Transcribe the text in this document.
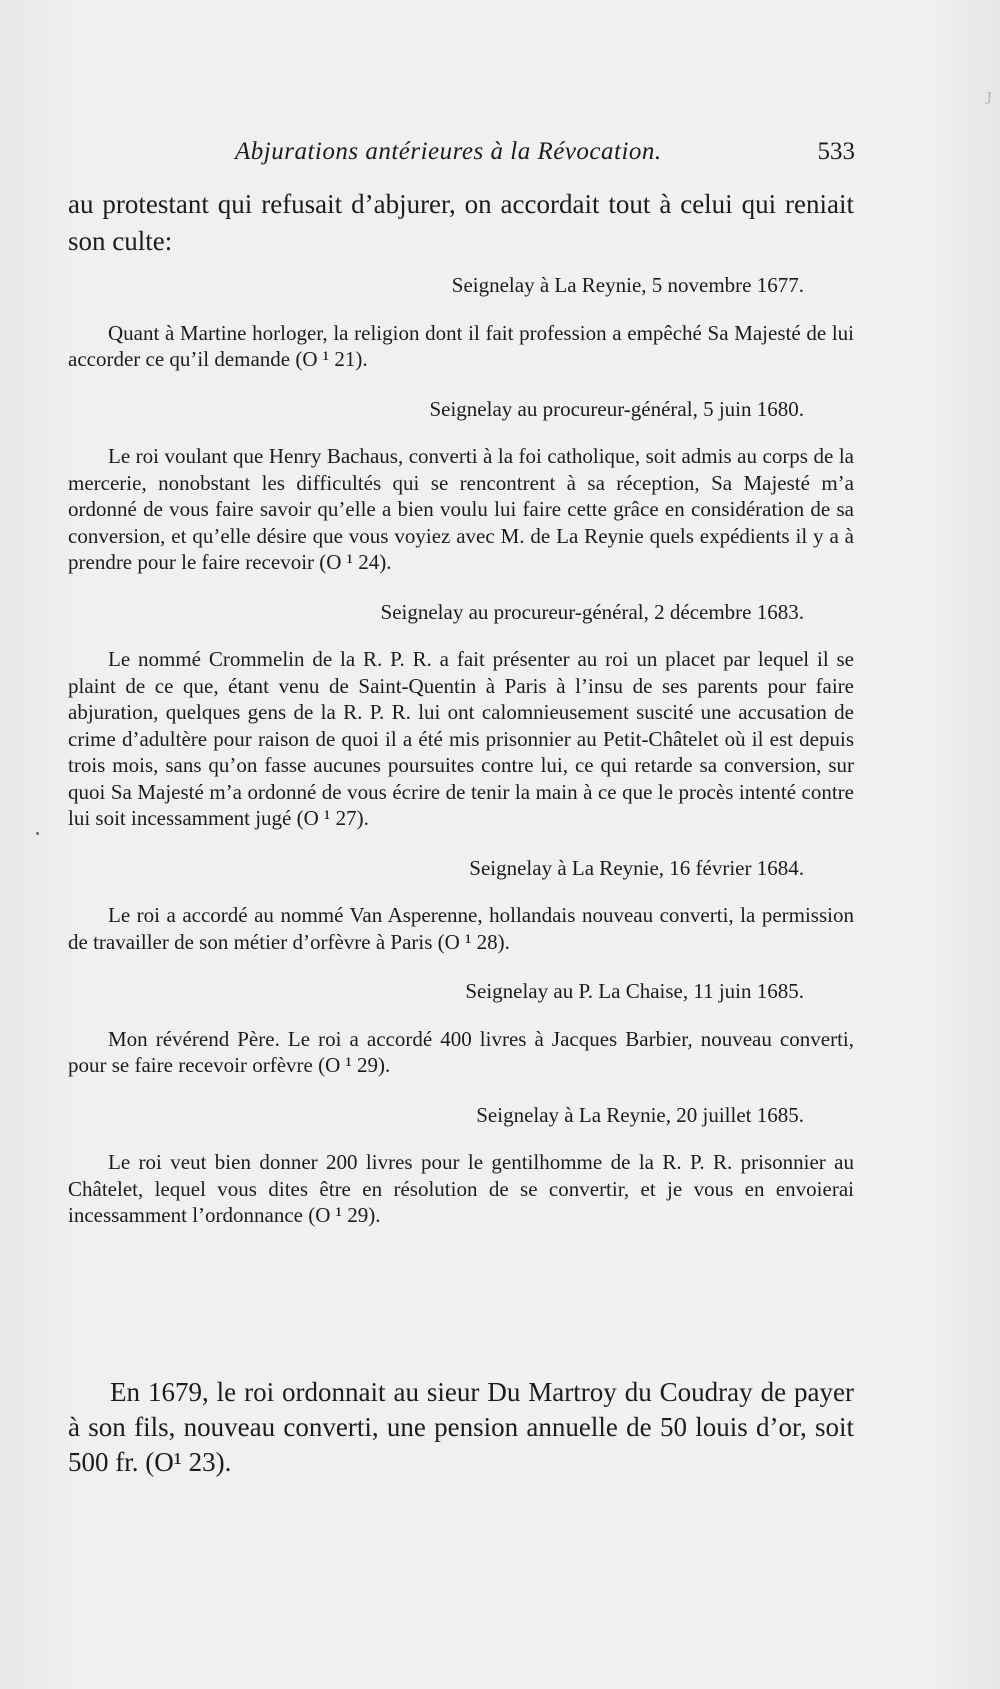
J
Abjurations antérieures à la Révocation.	533

au protestant qui refusait d’abjurer, on accordait tout à celui qui reniait son culte:

Seignelay à La Reynie, 5 novembre 1677.

Quant à Martine horloger, la religion dont il fait profession a empêché Sa Majesté de lui accorder ce qu’il demande (O ¹ 21).

Seignelay au procureur-général, 5 juin 1680.

Le roi voulant que Henry Bachaus, converti à la foi catholique, soit admis au corps de la mercerie, nonobstant les difficultés qui se rencontrent à sa réception, Sa Majesté m’a ordonné de vous faire savoir qu’elle a bien voulu lui faire cette grâce en considération de sa conversion, et qu’elle désire que vous voyiez avec M. de La Reynie quels expédients il y a à prendre pour le faire recevoir (O ¹ 24).

Seignelay au procureur-général, 2 décembre 1683.

Le nommé Crommelin de la R. P. R. a fait présenter au roi un placet par lequel il se plaint de ce que, étant venu de Saint-Quentin à Paris à l’insu de ses parents pour faire abjuration, quelques gens de la R. P. R. lui ont calomnieusement suscité une accusation de crime d’adultère pour raison de quoi il a été mis prisonnier au Petit-Châtelet où il est depuis trois mois, sans qu’on fasse aucunes poursuites contre lui, ce qui retarde sa conversion, sur quoi Sa Majesté m’a ordonné de vous écrire de tenir la main à ce que le procès intenté contre lui soit incessamment jugé (O ¹ 27).

Seignelay à La Reynie, 16 février 1684.

Le roi a accordé au nommé Van Asperenne, hollandais nouveau converti, la permission de travailler de son métier d’orfèvre à Paris (O ¹ 28).

Seignelay au P. La Chaise, 11 juin 1685.

Mon révérend Père. Le roi a accordé 400 livres à Jacques Barbier, nouveau converti, pour se faire recevoir orfèvre (O ¹ 29).

Seignelay à La Reynie, 20 juillet 1685.

Le roi veut bien donner 200 livres pour le gentilhomme de la R. P. R. prisonnier au Châtelet, lequel vous dites être en résolution de se convertir, et je vous en envoierai incessamment l’ordonnance (O ¹ 29).

En 1679, le roi ordonnait au sieur Du Martroy du Coudray de payer à son fils, nouveau converti, une pension annuelle de 50 louis d’or, soit 500 fr. (O¹ 23).
